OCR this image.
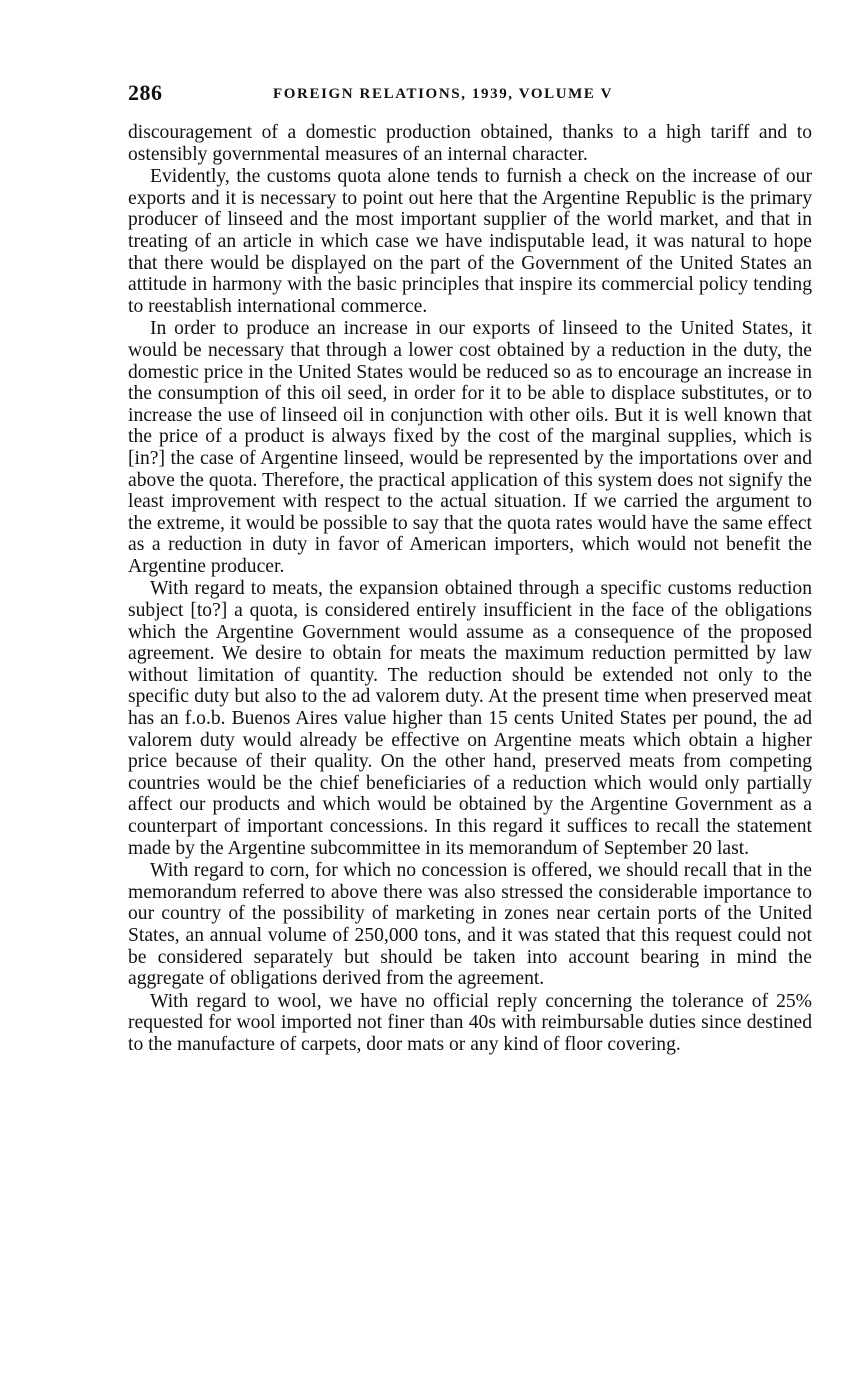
286	FOREIGN RELATIONS, 1939, VOLUME V

discouragement of a domestic production obtained, thanks to a high tariff and to ostensibly governmental measures of an internal character.

Evidently, the customs quota alone tends to furnish a check on the increase of our exports and it is necessary to point out here that the Argentine Republic is the primary producer of linseed and the most important supplier of the world market, and that in treating of an article in which case we have indisputable lead, it was natural to hope that there would be displayed on the part of the Government of the United States an attitude in harmony with the basic principles that inspire its commercial policy tending to reestablish international commerce.

In order to produce an increase in our exports of linseed to the United States, it would be necessary that through a lower cost obtained by a reduction in the duty, the domestic price in the United States would be reduced so as to encourage an increase in the consumption of this oil seed, in order for it to be able to displace substitutes, or to increase the use of linseed oil in conjunction with other oils. But it is well known that the price of a product is always fixed by the cost of the marginal supplies, which is [in?] the case of Argentine linseed, would be represented by the importations over and above the quota. Therefore, the practical application of this system does not signify the least improvement with respect to the actual situation. If we carried the argument to the extreme, it would be possible to say that the quota rates would have the same effect as a reduction in duty in favor of American importers, which would not benefit the Argentine producer.

With regard to meats, the expansion obtained through a specific customs reduction subject [to?] a quota, is considered entirely insufficient in the face of the obligations which the Argentine Government would assume as a consequence of the proposed agreement. We desire to obtain for meats the maximum reduction permitted by law without limitation of quantity. The reduction should be extended not only to the specific duty but also to the ad valorem duty. At the present time when preserved meat has an f.o.b. Buenos Aires value higher than 15 cents United States per pound, the ad valorem duty would already be effective on Argentine meats which obtain a higher price because of their quality. On the other hand, preserved meats from competing countries would be the chief beneficiaries of a reduction which would only partially affect our products and which would be obtained by the Argentine Government as a counterpart of important concessions. In this regard it suffices to recall the statement made by the Argentine subcommittee in its memorandum of September 20 last.

With regard to corn, for which no concession is offered, we should recall that in the memorandum referred to above there was also stressed the considerable importance to our country of the possibility of marketing in zones near certain ports of the United States, an annual volume of 250,000 tons, and it was stated that this request could not be considered separately but should be taken into account bearing in mind the aggregate of obligations derived from the agreement.

With regard to wool, we have no official reply concerning the tolerance of 25% requested for wool imported not finer than 40s with reimbursable duties since destined to the manufacture of carpets, door mats or any kind of floor covering.
